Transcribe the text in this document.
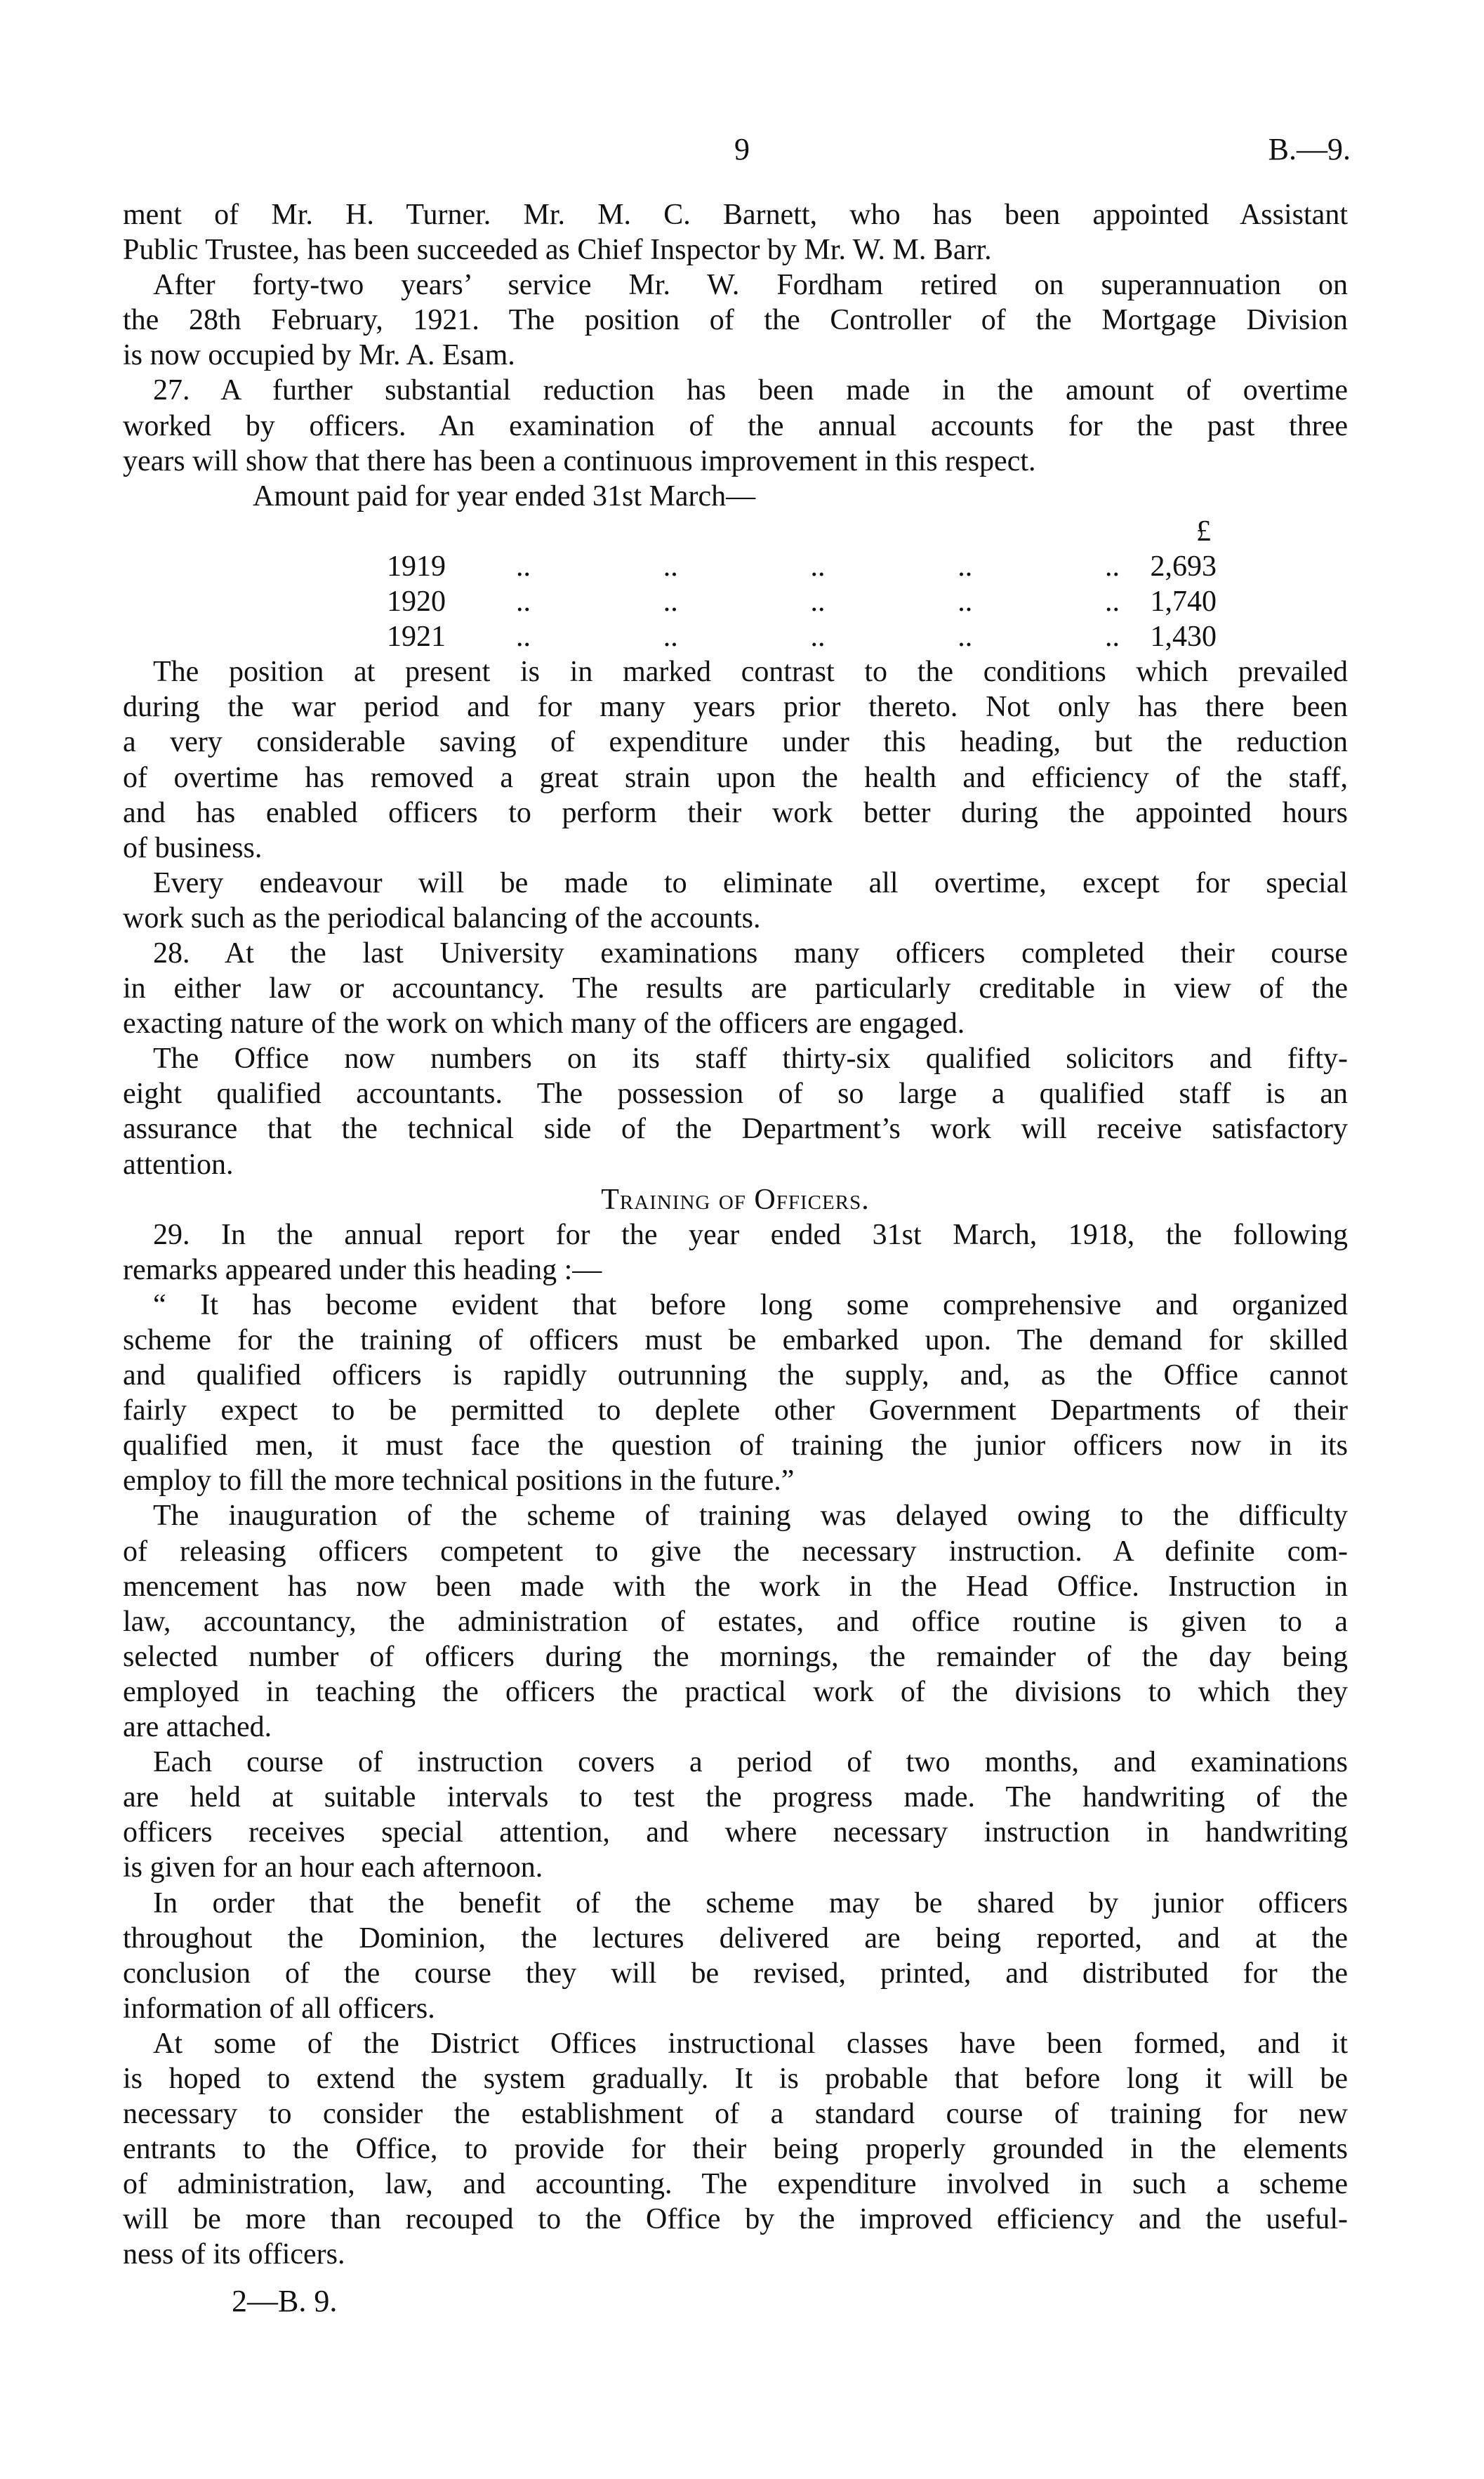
9	B.—9.
ment of Mr. H. Turner. Mr. M. C. Barnett, who has been appointed Assistant
Public Trustee, has been succeeded as Chief Inspector by Mr. W. M. Barr.
After forty-two years’ service Mr. W. Fordham retired on superannuation on
the 28th February, 1921. The position of the Controller of the Mortgage Division
is now occupied by Mr. A. Esam.
27. A further substantial reduction has been made in the amount of overtime
worked by officers. An examination of the annual accounts for the past three
years will show that there has been a continuous improvement in this respect.
Amount paid for year ended 31st March—
£
1919 .. .. .. .. .. 2,693
1920 .. .. .. .. .. 1,740
1921 .. .. .. .. .. 1,430
The position at present is in marked contrast to the conditions which prevailed
during the war period and for many years prior thereto. Not only has there been
a very considerable saving of expenditure under this heading, but the reduction
of overtime has removed a great strain upon the health and efficiency of the staff,
and has enabled officers to perform their work better during the appointed hours
of business.
Every endeavour will be made to eliminate all overtime, except for special
work such as the periodical balancing of the accounts.
28. At the last University examinations many officers completed their course
in either law or accountancy. The results are particularly creditable in view of the
exacting nature of the work on which many of the officers are engaged.
The Office now numbers on its staff thirty-six qualified solicitors and fifty-
eight qualified accountants. The possession of so large a qualified staff is an
assurance that the technical side of the Department’s work will receive satisfactory
attention.
Training of Officers.
29. In the annual report for the year ended 31st March, 1918, the following
remarks appeared under this heading :—
“ It has become evident that before long some comprehensive and organized
scheme for the training of officers must be embarked upon. The demand for skilled
and qualified officers is rapidly outrunning the supply, and, as the Office cannot
fairly expect to be permitted to deplete other Government Departments of their
qualified men, it must face the question of training the junior officers now in its
employ to fill the more technical positions in the future.”
The inauguration of the scheme of training was delayed owing to the difficulty
of releasing officers competent to give the necessary instruction. A definite com-
mencement has now been made with the work in the Head Office. Instruction in
law, accountancy, the administration of estates, and office routine is given to a
selected number of officers during the mornings, the remainder of the day being
employed in teaching the officers the practical work of the divisions to which they
are attached.
Each course of instruction covers a period of two months, and examinations
are held at suitable intervals to test the progress made. The handwriting of the
officers receives special attention, and where necessary instruction in handwriting
is given for an hour each afternoon.
In order that the benefit of the scheme may be shared by junior officers
throughout the Dominion, the lectures delivered are being reported, and at the
conclusion of the course they will be revised, printed, and distributed for the
information of all officers.
At some of the District Offices instructional classes have been formed, and it
is hoped to extend the system gradually. It is probable that before long it will be
necessary to consider the establishment of a standard course of training for new
entrants to the Office, to provide for their being properly grounded in the elements
of administration, law, and accounting. The expenditure involved in such a scheme
will be more than recouped to the Office by the improved efficiency and the useful-
ness of its officers.
2—B. 9.
